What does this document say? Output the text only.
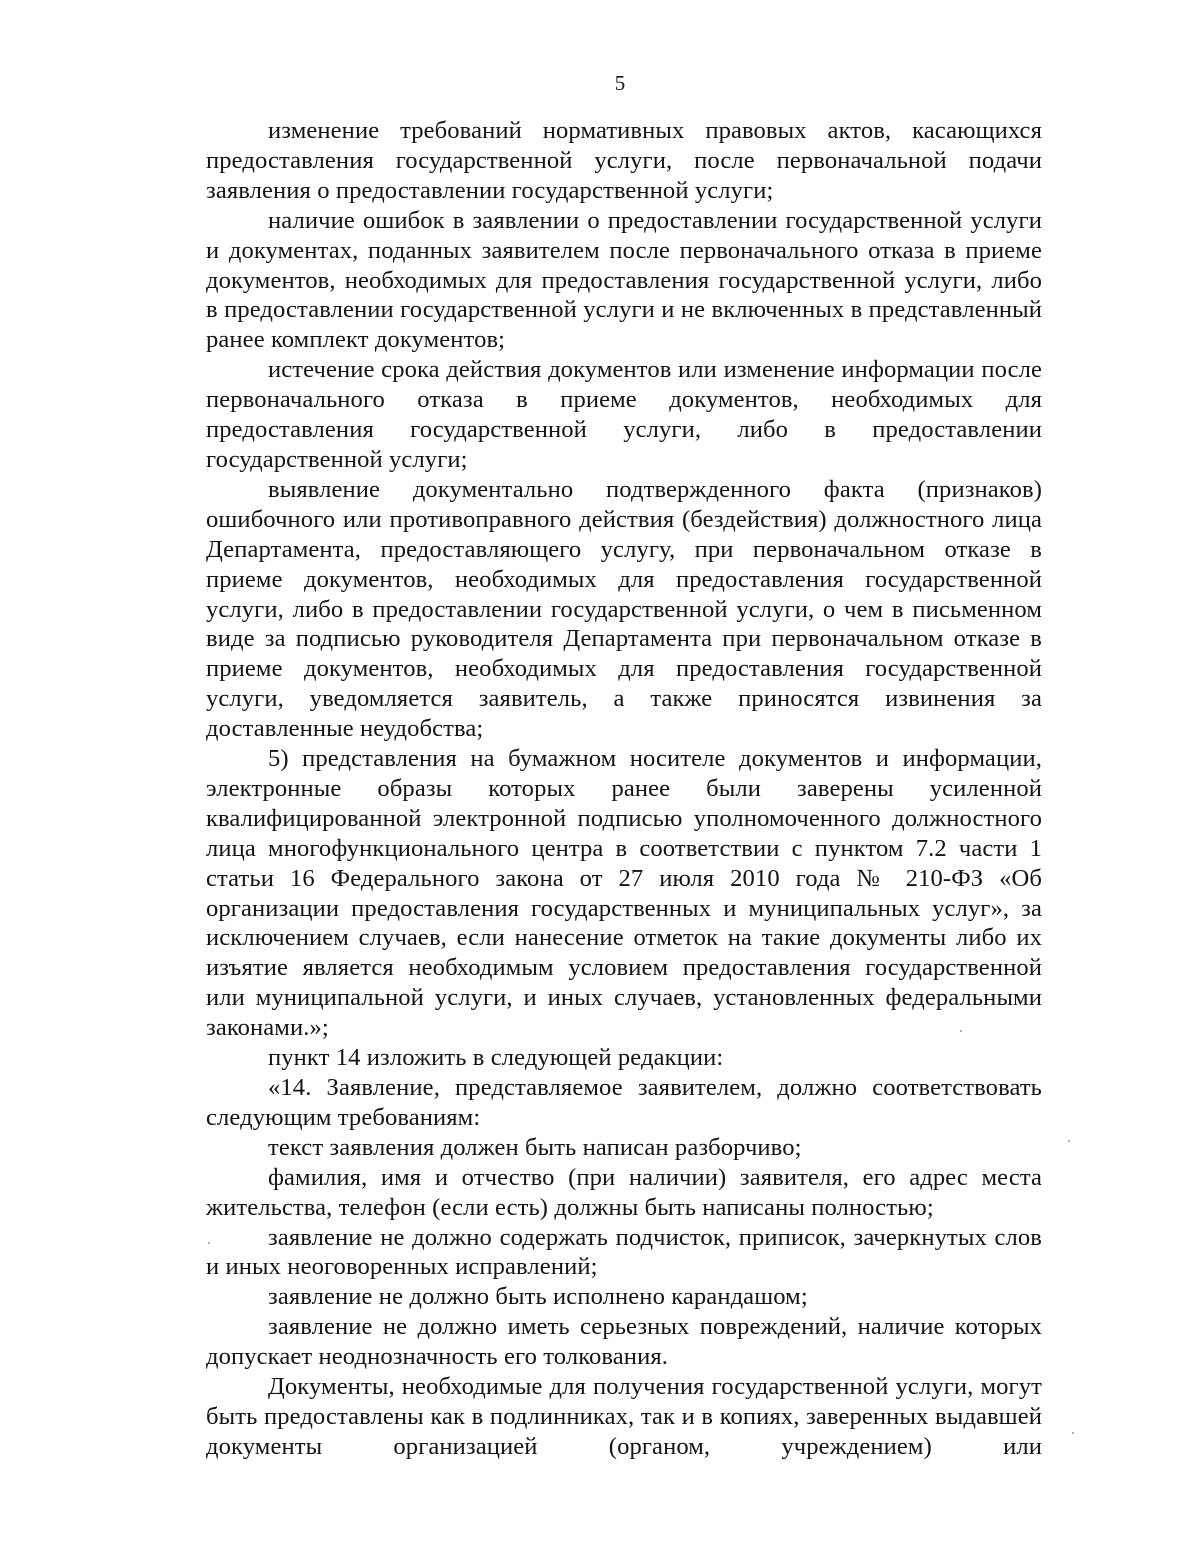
5

изменение требований нормативных правовых актов, касающихся предоставления государственной услуги, после первоначальной подачи заявления о предоставлении государственной услуги;

наличие ошибок в заявлении о предоставлении государственной услуги и документах, поданных заявителем после первоначального отказа в приеме документов, необходимых для предоставления государственной услуги, либо в предоставлении государственной услуги и не включенных в представленный ранее комплект документов;

истечение срока действия документов или изменение информации после первоначального отказа в приеме документов, необходимых для предоставления государственной услуги, либо в предоставлении государственной услуги;

выявление документально подтвержденного факта (признаков) ошибочного или противоправного действия (бездействия) должностного лица Департамента, предоставляющего услугу, при первоначальном отказе в приеме документов, необходимых для предоставления государственной услуги, либо в предоставлении государственной услуги, о чем в письменном виде за подписью руководителя Департамента при первоначальном отказе в приеме документов, необходимых для предоставления государственной услуги, уведомляется заявитель, а также приносятся извинения за доставленные неудобства;

5) представления на бумажном носителе документов и информации, электронные образы которых ранее были заверены усиленной квалифицированной электронной подписью уполномоченного должностного лица многофункционального центра в соответствии с пунктом 7.2 части 1 статьи 16 Федерального закона от 27 июля 2010 года № 210-ФЗ «Об организации предоставления государственных и муниципальных услуг», за исключением случаев, если нанесение отметок на такие документы либо их изъятие является необходимым условием предоставления государственной или муниципальной услуги, и иных случаев, установленных федеральными законами.»;

пункт 14 изложить в следующей редакции:

«14. Заявление, представляемое заявителем, должно соответствовать следующим требованиям:

текст заявления должен быть написан разборчиво;

фамилия, имя и отчество (при наличии) заявителя, его адрес места жительства, телефон (если есть) должны быть написаны полностью;

заявление не должно содержать подчисток, приписок, зачеркнутых слов и иных неоговоренных исправлений;

заявление не должно быть исполнено карандашом;

заявление не должно иметь серьезных повреждений, наличие которых допускает неоднозначность его толкования.

Документы, необходимые для получения государственной услуги, могут быть предоставлены как в подлинниках, так и в копиях, заверенных выдавшей документы организацией (органом, учреждением) или
